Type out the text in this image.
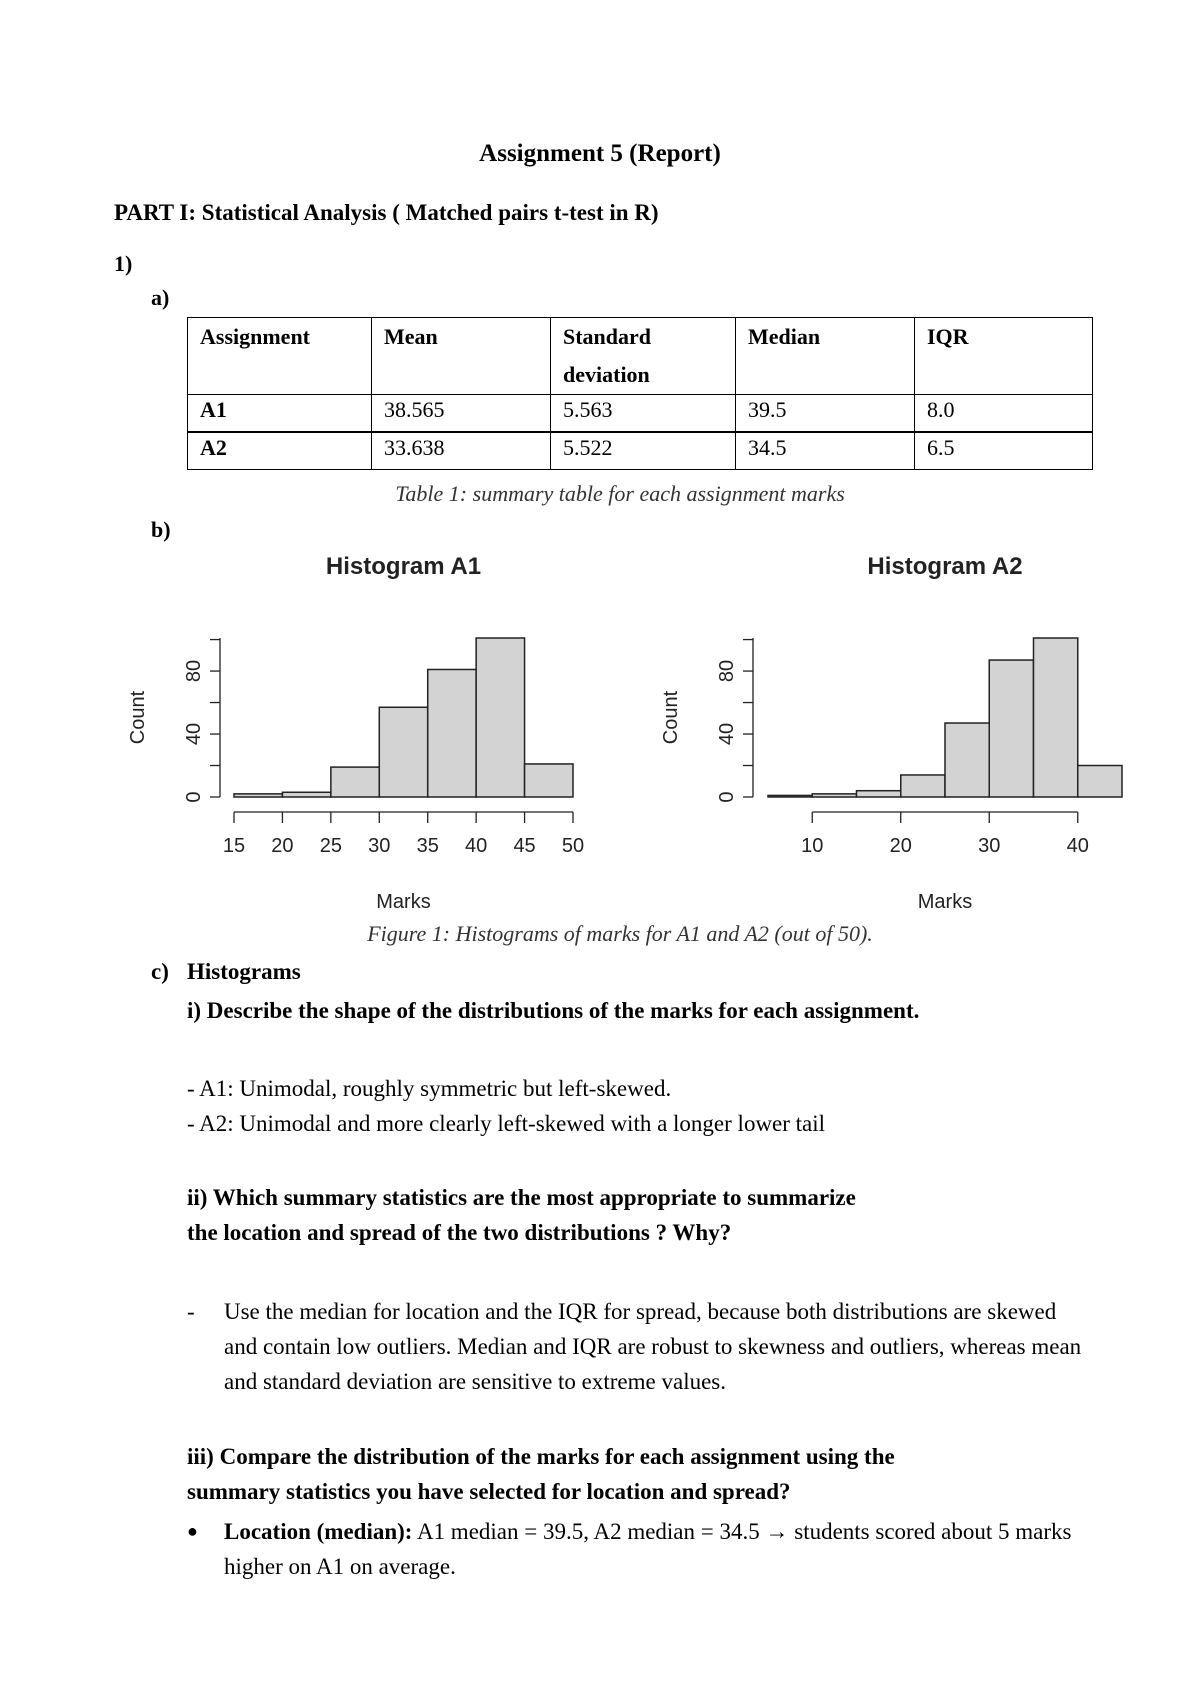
Assignment 5 (Report)
PART I: Statistical Analysis ( Matched pairs t-test in R)
1)
a)
Assignment	Mean	Standard deviation	Median	IQR
A1	38.565	5.563	39.5	8.0
A2	33.638	5.522	34.5	6.5
Table 1: summary table for each assignment marks
b)
Histogram A1
0
40
80
Count
15 20 25 30 35 40 45 50
Marks
Histogram A2
0
40
80
Count
10	20	30	40
Marks
Figure 1: Histograms of marks for A1 and A2 (out of 50).
c) Histograms
i) Describe the shape of the distributions of the marks for each assignment.
- A1: Unimodal, roughly symmetric but left-skewed.
- A2: Unimodal and more clearly left-skewed with a longer lower tail
ii) Which summary statistics are the most appropriate to summarize
the location and spread of the two distributions ? Why?
-	Use the median for location and the IQR for spread, because both distributions are skewed and contain low outliers. Median and IQR are robust to skewness and outliers, whereas mean and standard deviation are sensitive to extreme values.
iii) Compare the distribution of the marks for each assignment using the
summary statistics you have selected for location and spread?
●	Location (median): A1 median = 39.5, A2 median = 34.5 → students scored about 5 marks higher on A1 on average.
